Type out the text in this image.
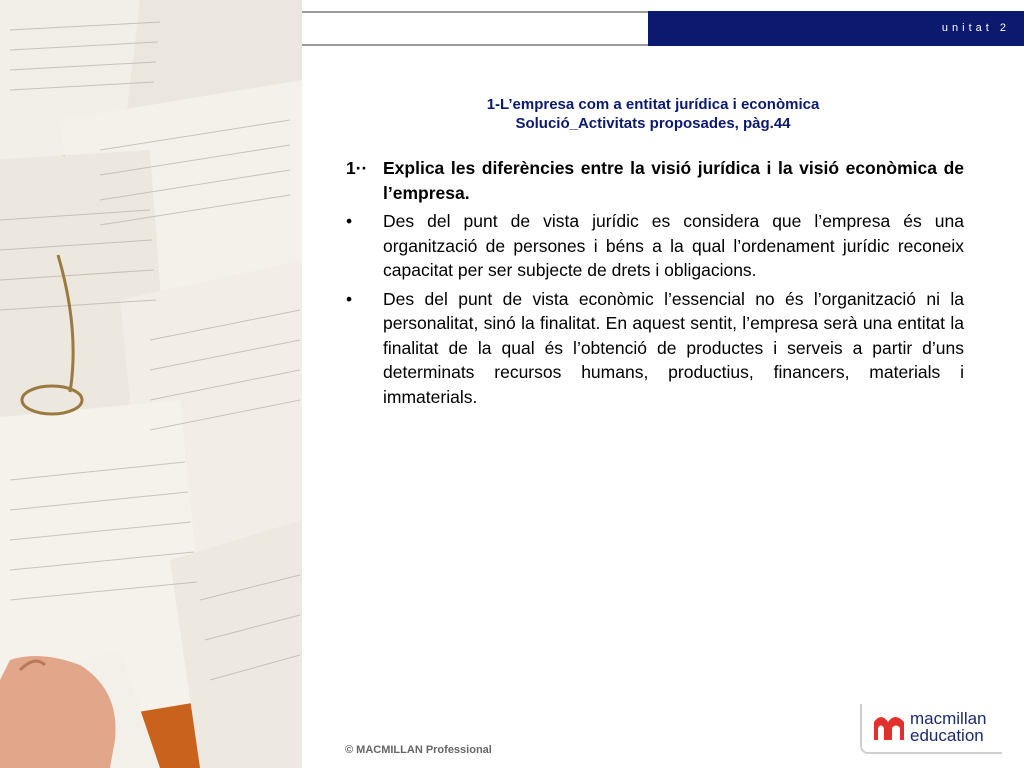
unitat 2
1-L’empresa com a entitat jurídica i econòmica
Solució_Activitats proposades, pàg.44
1·· Explica les diferències entre la visió jurídica i la visió econòmica de l’empresa.
• Des del punt de vista jurídic es considera que l’empresa és una organització de persones i béns a la qual l’ordenament jurídic reconeix capacitat per ser subjecte de drets i obligacions.
• Des del punt de vista econòmic l’essencial no és l’organització ni la personalitat, sinó la finalitat. En aquest sentit, l’empresa serà una entitat la finalitat de la qual és l’obtenció de productes i serveis a partir d’uns determinats recursos humans, productius, financers, materials i immaterials.
© MACMILLAN Professional
macmillan
education
